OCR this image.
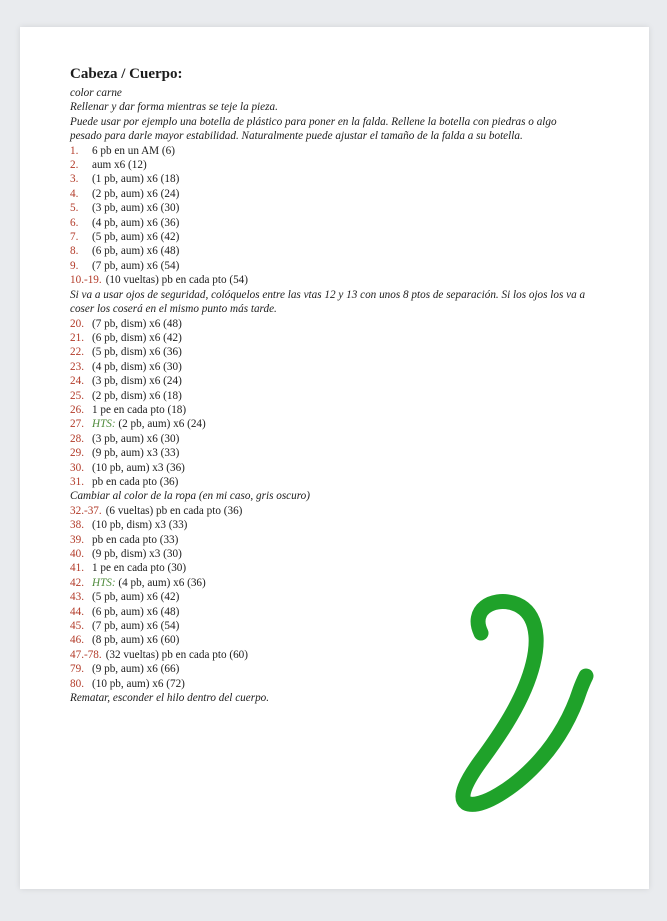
Cabeza / Cuerpo:
color carne
Rellenar y dar forma mientras se teje la pieza.
Puede usar por ejemplo una botella de plástico para poner en la falda. Rellene la botella con piedras o algo pesado para darle mayor estabilidad. Naturalmente puede ajustar el tamaño de la falda a su botella.
1. 6 pb en un AM (6)
2. aum x6 (12)
3. (1 pb, aum) x6 (18)
4. (2 pb, aum) x6 (24)
5. (3 pb, aum) x6 (30)
6. (4 pb, aum) x6 (36)
7. (5 pb, aum) x6 (42)
8. (6 pb, aum) x6 (48)
9. (7 pb, aum) x6 (54)
10.-19. (10 vueltas) pb en cada pto (54)
Si va a usar ojos de seguridad, colóquelos entre las vtas 12 y 13 con unos 8 ptos de separación. Si los ojos los va a coser los coserá en el mismo punto más tarde.
20. (7 pb, dism) x6 (48)
21. (6 pb, dism) x6 (42)
22. (5 pb, dism) x6 (36)
23. (4 pb, dism) x6 (30)
24. (3 pb, dism) x6 (24)
25. (2 pb, dism) x6 (18)
26. 1 pe en cada pto (18)
27. HTS: (2 pb, aum) x6 (24)
28. (3 pb, aum) x6 (30)
29. (9 pb, aum) x3 (33)
30. (10 pb, aum) x3 (36)
31. pb en cada pto (36)
Cambiar al color de la ropa (en mi caso, gris oscuro)
32.-37. (6 vueltas) pb en cada pto (36)
38. (10 pb, dism) x3 (33)
39. pb en cada pto (33)
40. (9 pb, dism) x3 (30)
41. 1 pe en cada pto (30)
42. HTS: (4 pb, aum) x6 (36)
43. (5 pb, aum) x6 (42)
44. (6 pb, aum) x6 (48)
45. (7 pb, aum) x6 (54)
46. (8 pb, aum) x6 (60)
47.-78. (32 vueltas) pb en cada pto (60)
79. (9 pb, aum) x6 (66)
80. (10 pb, aum) x6 (72)
Rematar, esconder el hilo dentro del cuerpo.
